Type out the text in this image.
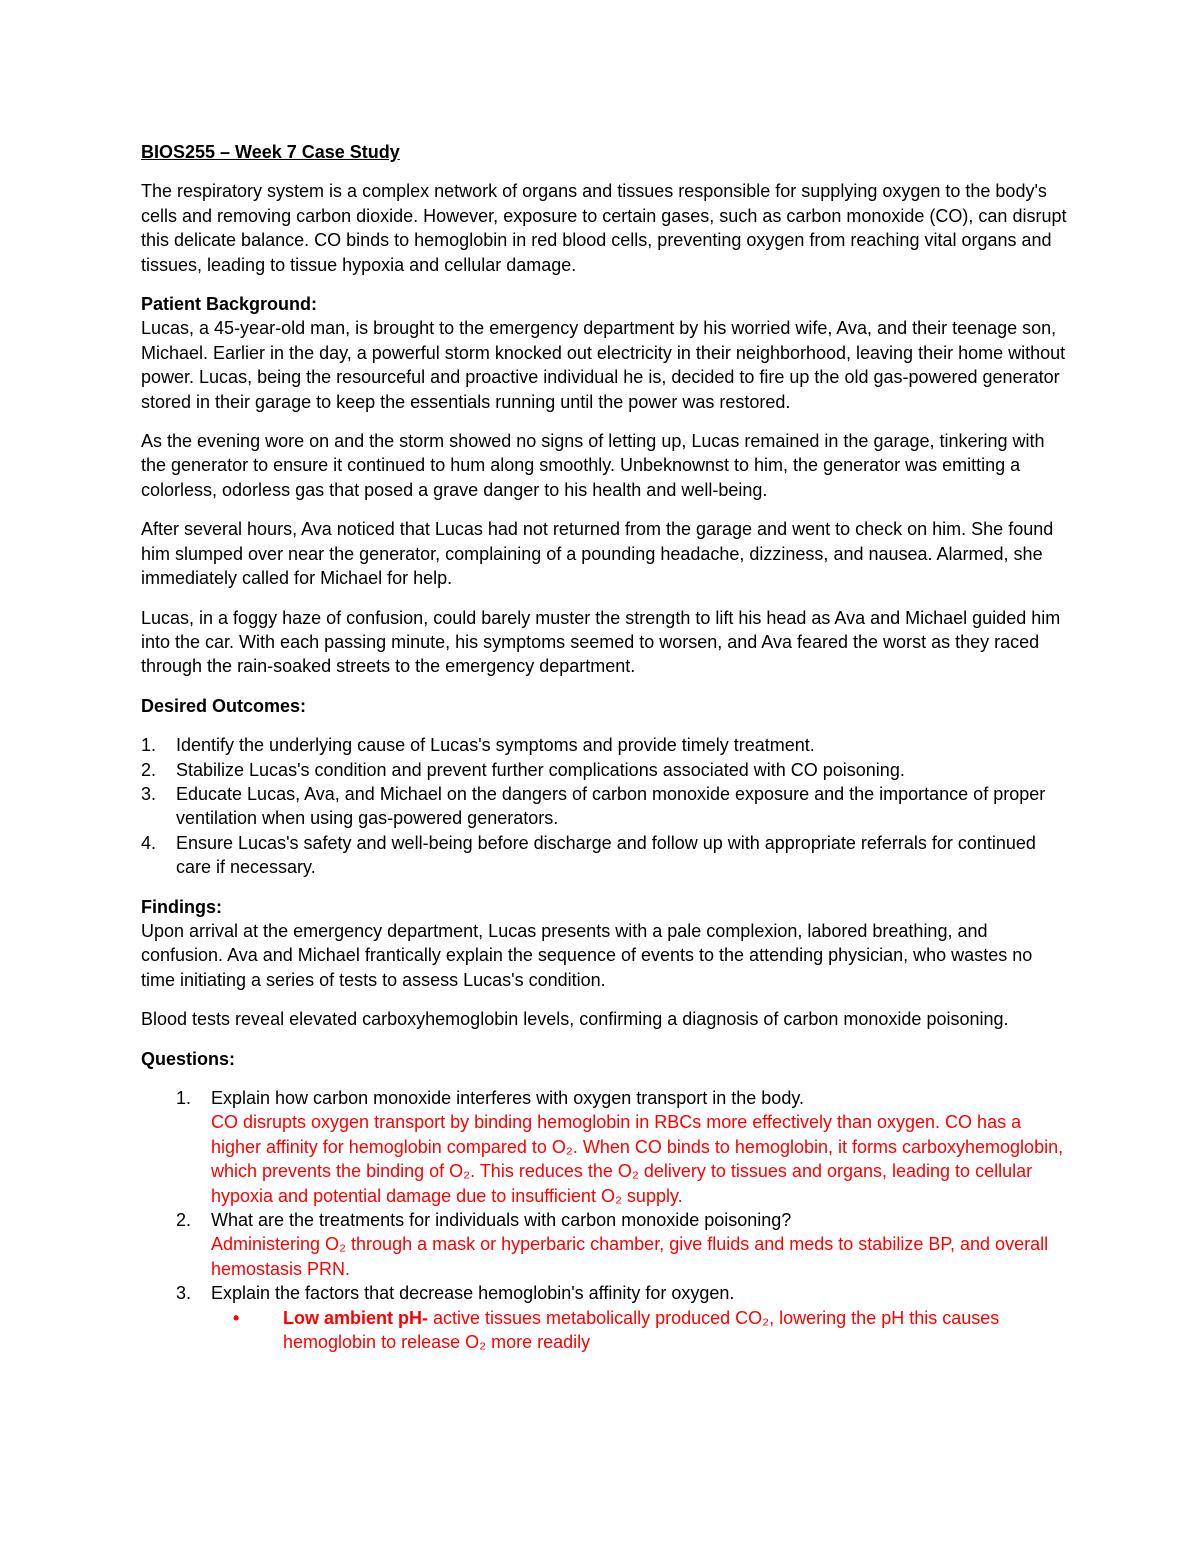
BIOS255 – Week 7 Case Study

The respiratory system is a complex network of organs and tissues responsible for supplying oxygen to the body's cells and removing carbon dioxide. However, exposure to certain gases, such as carbon monoxide (CO), can disrupt this delicate balance. CO binds to hemoglobin in red blood cells, preventing oxygen from reaching vital organs and tissues, leading to tissue hypoxia and cellular damage.

Patient Background:
Lucas, a 45-year-old man, is brought to the emergency department by his worried wife, Ava, and their teenage son, Michael. Earlier in the day, a powerful storm knocked out electricity in their neighborhood, leaving their home without power. Lucas, being the resourceful and proactive individual he is, decided to fire up the old gas-powered generator stored in their garage to keep the essentials running until the power was restored.

As the evening wore on and the storm showed no signs of letting up, Lucas remained in the garage, tinkering with the generator to ensure it continued to hum along smoothly. Unbeknownst to him, the generator was emitting a colorless, odorless gas that posed a grave danger to his health and well-being.

After several hours, Ava noticed that Lucas had not returned from the garage and went to check on him. She found him slumped over near the generator, complaining of a pounding headache, dizziness, and nausea. Alarmed, she immediately called for Michael for help.

Lucas, in a foggy haze of confusion, could barely muster the strength to lift his head as Ava and Michael guided him into the car. With each passing minute, his symptoms seemed to worsen, and Ava feared the worst as they raced through the rain-soaked streets to the emergency department.

Desired Outcomes:
1. Identify the underlying cause of Lucas's symptoms and provide timely treatment.
2. Stabilize Lucas's condition and prevent further complications associated with CO poisoning.
3. Educate Lucas, Ava, and Michael on the dangers of carbon monoxide exposure and the importance of proper ventilation when using gas-powered generators.
4. Ensure Lucas's safety and well-being before discharge and follow up with appropriate referrals for continued care if necessary.

Findings:
Upon arrival at the emergency department, Lucas presents with a pale complexion, labored breathing, and confusion. Ava and Michael frantically explain the sequence of events to the attending physician, who wastes no time initiating a series of tests to assess Lucas's condition.

Blood tests reveal elevated carboxyhemoglobin levels, confirming a diagnosis of carbon monoxide poisoning.

Questions:
1. Explain how carbon monoxide interferes with oxygen transport in the body.
CO disrupts oxygen transport by binding hemoglobin in RBCs more effectively than oxygen. CO has a higher affinity for hemoglobin compared to O₂. When CO binds to hemoglobin, it forms carboxyhemoglobin, which prevents the binding of O₂. This reduces the O₂ delivery to tissues and organs, leading to cellular hypoxia and potential damage due to insufficient O₂ supply.
2. What are the treatments for individuals with carbon monoxide poisoning?
Administering O₂ through a mask or hyperbaric chamber, give fluids and meds to stabilize BP, and overall hemostasis PRN.
3. Explain the factors that decrease hemoglobin's affinity for oxygen.
• Low ambient pH- active tissues metabolically produced CO₂, lowering the pH this causes hemoglobin to release O₂ more readily
